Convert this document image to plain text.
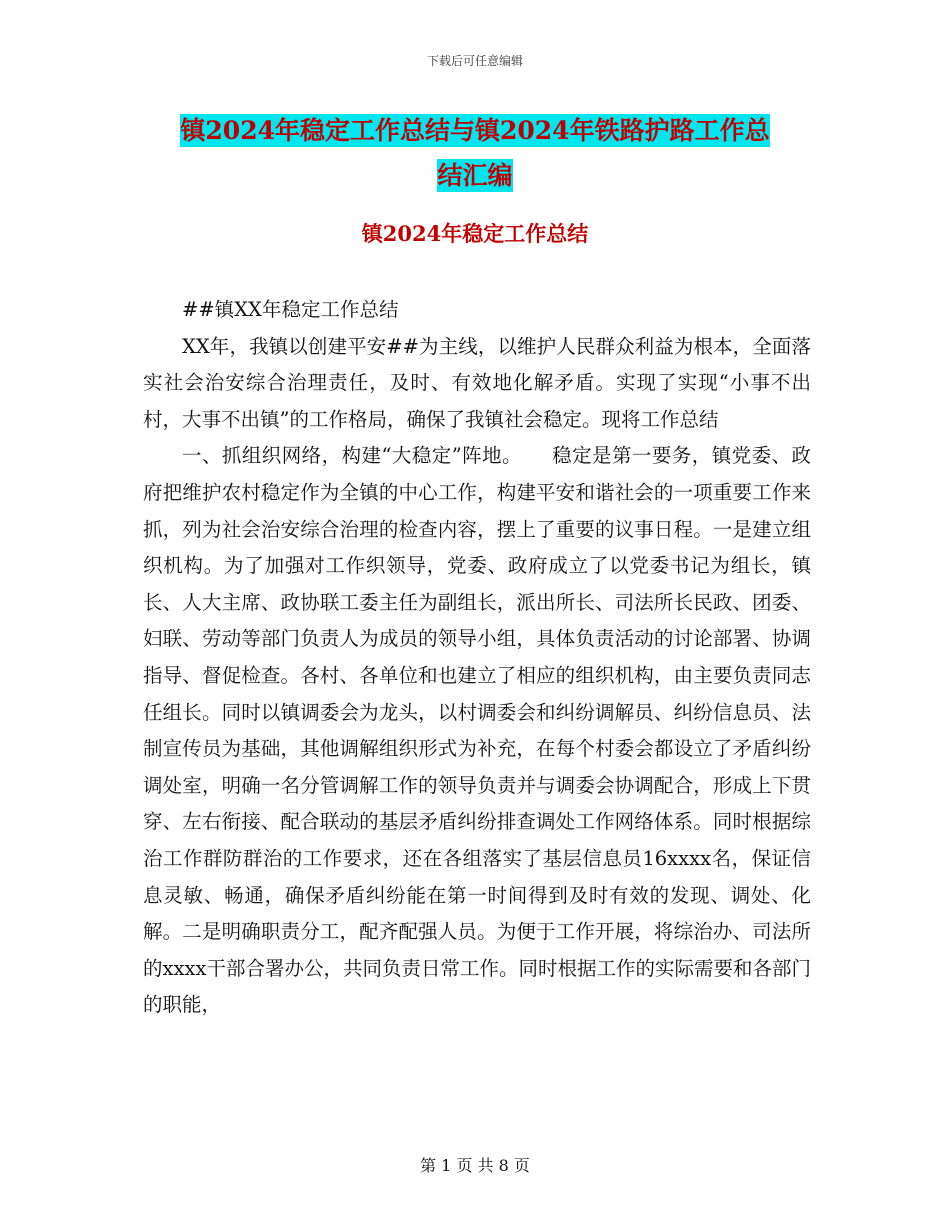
下载后可任意编辑
镇2024年稳定工作总结与镇2024年铁路护路工作总
结汇编
镇2024年稳定工作总结

##镇XX年稳定工作总结

XX年，我镇以创建平安##为主线，以维护人民群众利益为根本，全面落实社会治安综合治理责任，及时、有效地化解矛盾。实现了实现“小事不出村，大事不出镇”的工作格局，确保了我镇社会稳定。现将工作总结

一、抓组织网络，构建“大稳定”阵地。　　稳定是第一要务，镇党委、政府把维护农村稳定作为全镇的中心工作，构建平安和谐社会的一项重要工作来抓，列为社会治安综合治理的检查内容，摆上了重要的议事日程。一是建立组织机构。为了加强对工作织领导，党委、政府成立了以党委书记为组长，镇长、人大主席、政协联工委主任为副组长，派出所长、司法所长民政、团委、妇联、劳动等部门负责人为成员的领导小组，具体负责活动的讨论部署、协调指导、督促检查。各村、各单位和也建立了相应的组织机构，由主要负责同志任组长。同时以镇调委会为龙头，以村调委会和纠纷调解员、纠纷信息员、法制宣传员为基础，其他调解组织形式为补充，在每个村委会都设立了矛盾纠纷调处室，明确一名分管调解工作的领导负责并与调委会协调配合，形成上下贯穿、左右衔接、配合联动的基层矛盾纠纷排查调处工作网络体系。同时根据综治工作群防群治的工作要求，还在各组落实了基层信息员16xxxx名，保证信息灵敏、畅通，确保矛盾纠纷能在第一时间得到及时有效的发现、调处、化解。二是明确职责分工，配齐配强人员。为便于工作开展，将综治办、司法所的xxxx干部合署办公，共同负责日常工作。同时根据工作的实际需要和各部门的职能，

第 1 页 共 8 页
